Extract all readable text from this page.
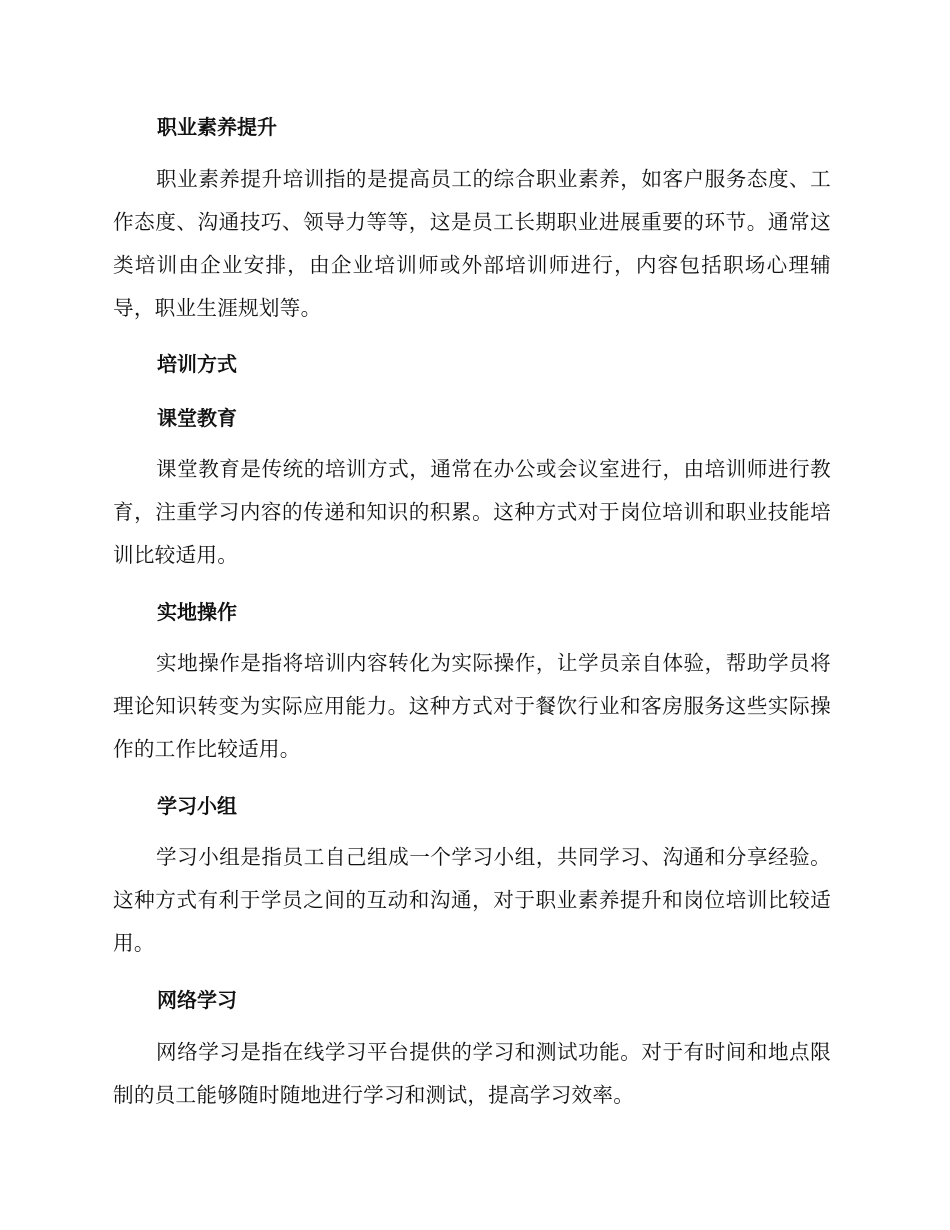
职业素养提升

职业素养提升培训指的是提高员工的综合职业素养，如客户服务态度、工作态度、沟通技巧、领导力等等，这是员工长期职业进展重要的环节。通常这类培训由企业安排，由企业培训师或外部培训师进行，内容包括职场心理辅导，职业生涯规划等。

培训方式
课堂教育

课堂教育是传统的培训方式，通常在办公或会议室进行，由培训师进行教育，注重学习内容的传递和知识的积累。这种方式对于岗位培训和职业技能培训比较适用。

实地操作

实地操作是指将培训内容转化为实际操作，让学员亲自体验，帮助学员将理论知识转变为实际应用能力。这种方式对于餐饮行业和客房服务这些实际操作的工作比较适用。

学习小组

学习小组是指员工自己组成一个学习小组，共同学习、沟通和分享经验。这种方式有利于学员之间的互动和沟通，对于职业素养提升和岗位培训比较适用。

网络学习

网络学习是指在线学习平台提供的学习和测试功能。对于有时间和地点限制的员工能够随时随地进行学习和测试，提高学习效率。
